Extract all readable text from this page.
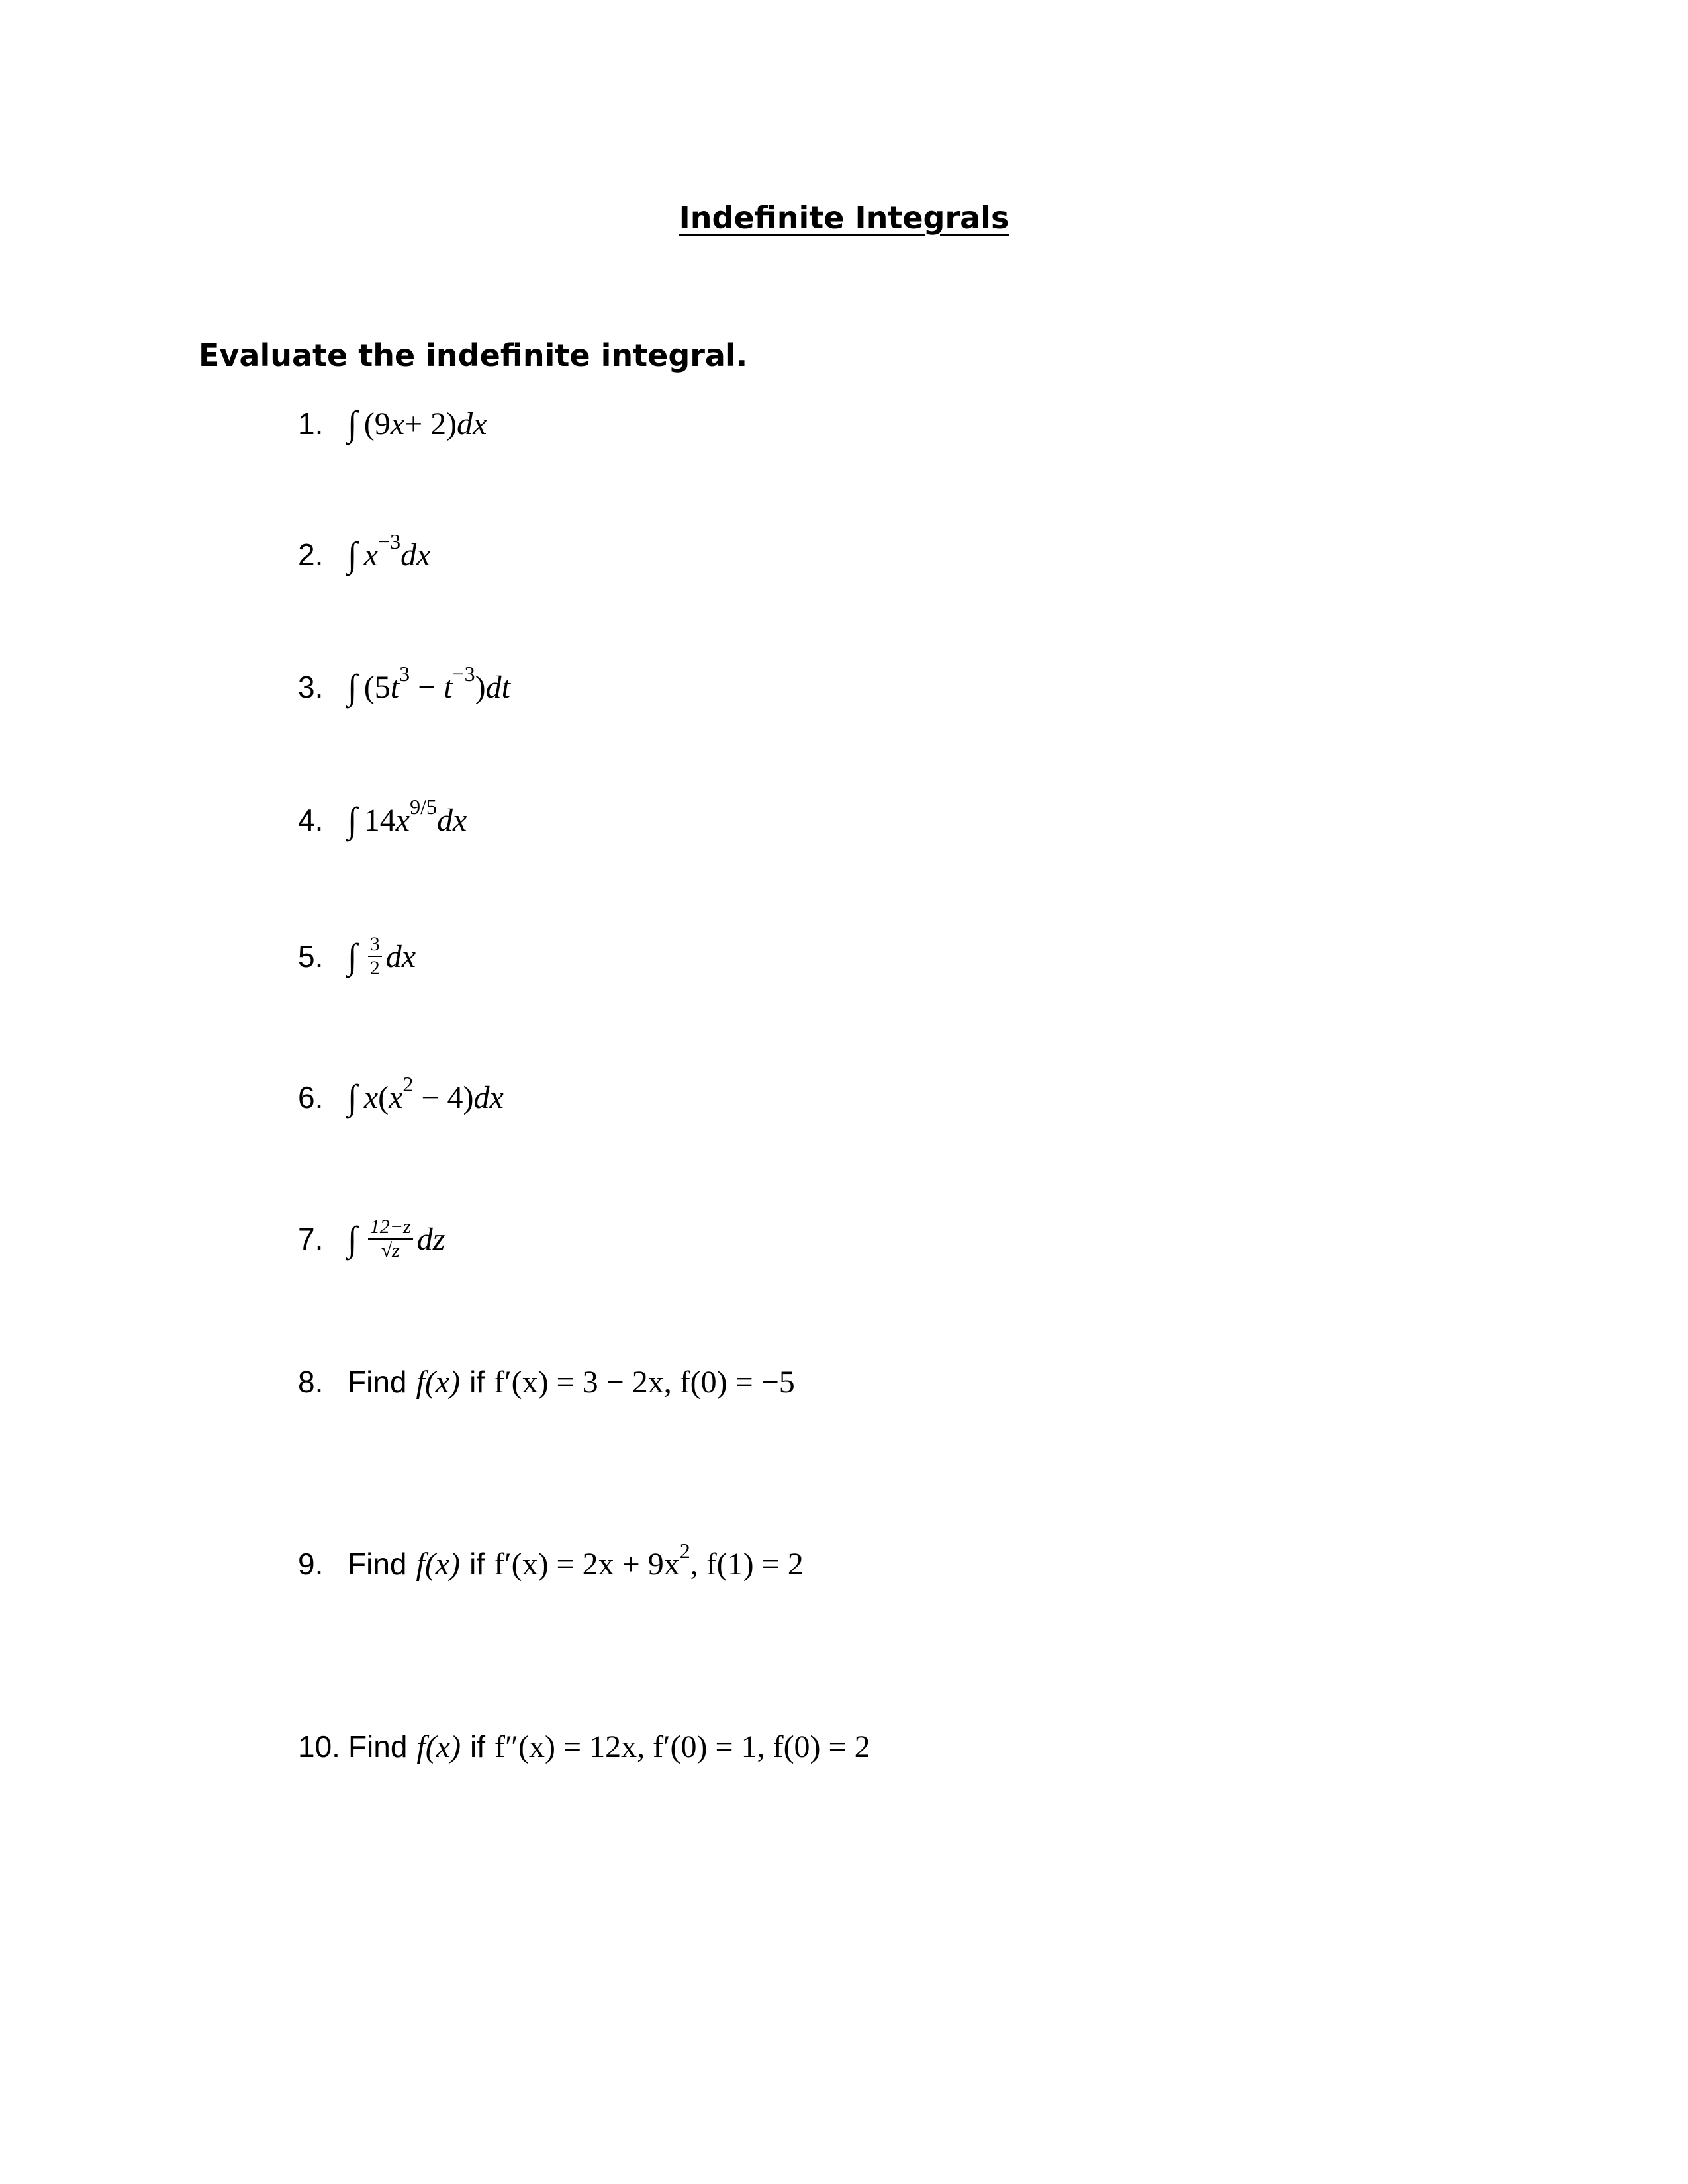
Indefinite Integrals
Evaluate the indefinite integral.
1. ∫ (9 x + 2) dx
2. ∫ x −3 dx
3. ∫ (5 t 3 − t −3 ) dt
4. ∫ 14 x 9/5 dx
5. ∫ $\frac{3}{2}$ dx
6. ∫ x ( x 2 − 4) dx
7. ∫ $\frac{12-z}{√z}$ dz
8. Find f(x) if f′(x) = 3 − 2x, f(0) = −5
9. Find f(x) if f′(x) = 2x + 9x 2 , f(1) = 2
10. Find f(x) if f″(x) = 12x, f′(0) = 1, f(0) = 2
